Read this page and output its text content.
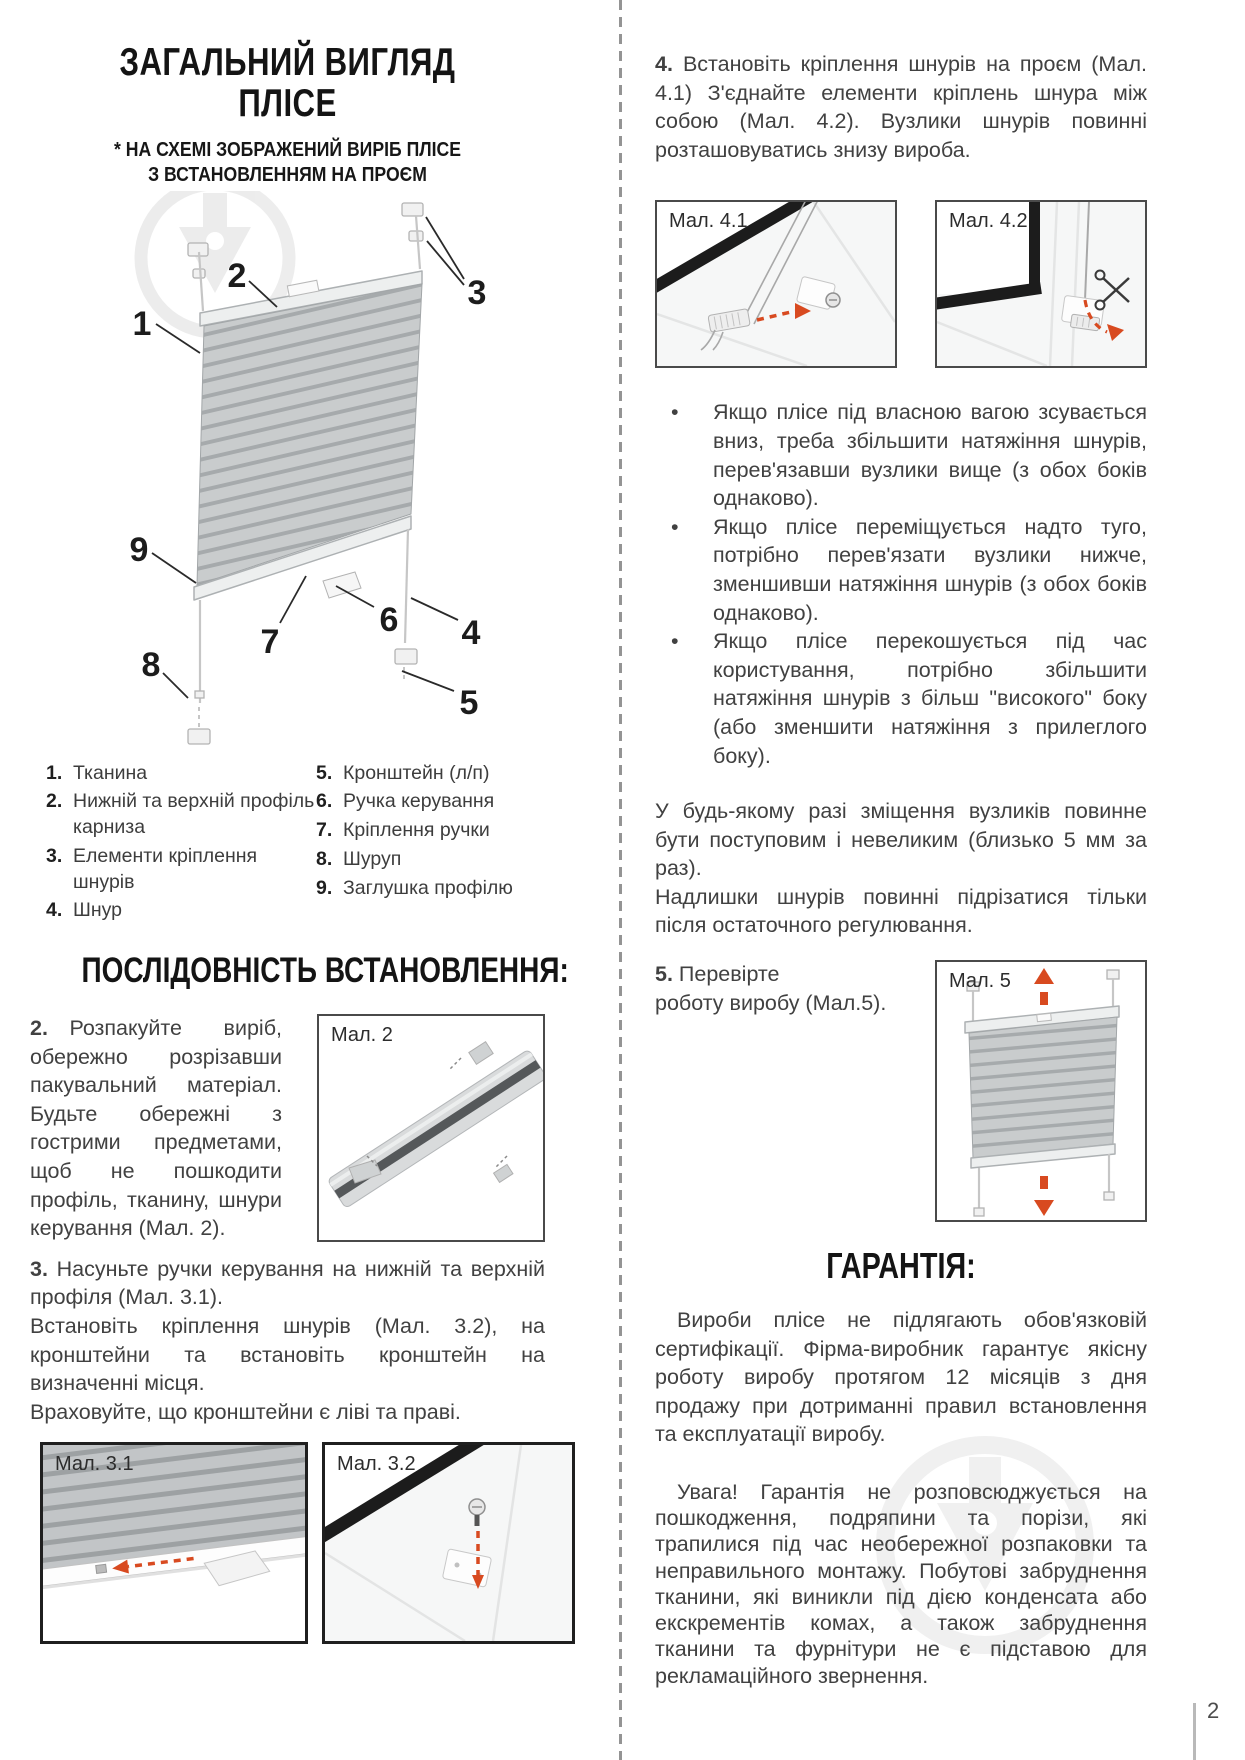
ЗАГАЛЬНИЙ ВИГЛЯД
ПЛІСЕ
* НА СХЕМІ ЗОБРАЖЕНИЙ ВИРІБ ПЛІСЕ
З ВСТАНОВЛЕННЯМ НА ПРОЄМ
1
2	3
4
5
6
7
8
9
1. Тканина
2. Нижній та верхній профіль карниза
3. Елементи кріплення шнурів
4. Шнур
5. Кронштейн (л/п)
6. Ручка керування
7. Кріплення ручки
8. Шуруп
9. Заглушка профілю
ПОСЛІДОВНІСТЬ ВСТАНОВЛЕННЯ:

2.  Розпакуйте виріб, обережно розрізавши пакувальний матеріал. Будьте обережні з гострими предметами, щоб не пошкодити профіль, тканину, шнури керування (Мал. 2).

Мал. 2

3. Насуньте ручки керування на нижній та верхній профіля (Мал. 3.1).

Встановіть кріплення шнурів (Мал. 3.2), на кронштейни та встановіть кронштейн на визначенні місця.

Враховуйте, що кронштейни є ліві та праві.

Мал. 3.1	Мал. 3.2

4. Встановіть кріплення шнурів на проєм (Мал. 4.1) З'єднайте елементи кріплень шнура між собою (Мал. 4.2). Вузлики шнурів повинні розташовуватись знизу вироба.

Мал. 4.1	Мал. 4.2
•	Якщо плісе під власною вагою зсувається вниз, треба збільшити натяжіння шнурів, перев'язавши вузлики вище (з обох боків однаково).
•	Якщо плісе переміщується надто туго, потрібно перев'язати вузлики нижче, зменшивши натяжіння шнурів (з обох боків однаково).
•	Якщо плісе перекошується під час користування, потрібно збільшити натяжіння шнурів з більш "високого" боку (або зменшити натяжіння з прилеглого боку).

У будь-якому разі зміщення вузликів повинне бути поступовим і невеликим (близько 5 мм за раз).

Надлишки шнурів повинні підрізатися тільки після остаточного регулювання.

5. Перевірте

роботу виробу (Мал.5).

Мал. 5
ГАРАНТІЯ:

Вироби плісе не підлягають обов'язковій сертифікації. Фірма-виробник гарантує якісну роботу виробу протягом 12 місяців з дня продажу при дотриманні правил встановлення та експлуатації виробу.

Увага! Гарантія не розповсюджується на пошкодження, подряпини та порізи, які трапилися під час необережної розпаковки та неправильного монтажу. Побутові забруднення тканини, які виникли під дією конденсата або екскрементів комах, а також забруднення тканини та фурнітури не є підставою для рекламаційного звернення.

2
